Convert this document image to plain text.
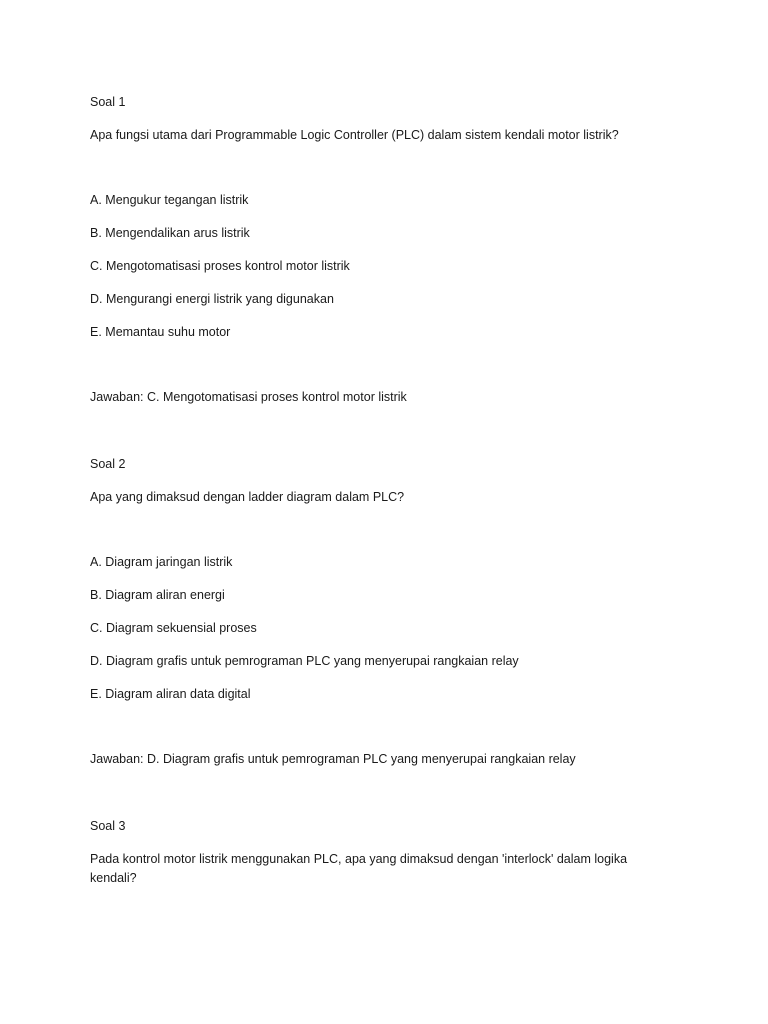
Soal 1
Apa fungsi utama dari Programmable Logic Controller (PLC) dalam sistem kendali motor listrik?
A. Mengukur tegangan listrik
B. Mengendalikan arus listrik
C. Mengotomatisasi proses kontrol motor listrik
D. Mengurangi energi listrik yang digunakan
E. Memantau suhu motor
Jawaban: C. Mengotomatisasi proses kontrol motor listrik
Soal 2
Apa yang dimaksud dengan ladder diagram dalam PLC?
A. Diagram jaringan listrik
B. Diagram aliran energi
C. Diagram sekuensial proses
D. Diagram grafis untuk pemrograman PLC yang menyerupai rangkaian relay
E. Diagram aliran data digital
Jawaban: D. Diagram grafis untuk pemrograman PLC yang menyerupai rangkaian relay
Soal 3
Pada kontrol motor listrik menggunakan PLC, apa yang dimaksud dengan 'interlock' dalam logika kendali?
